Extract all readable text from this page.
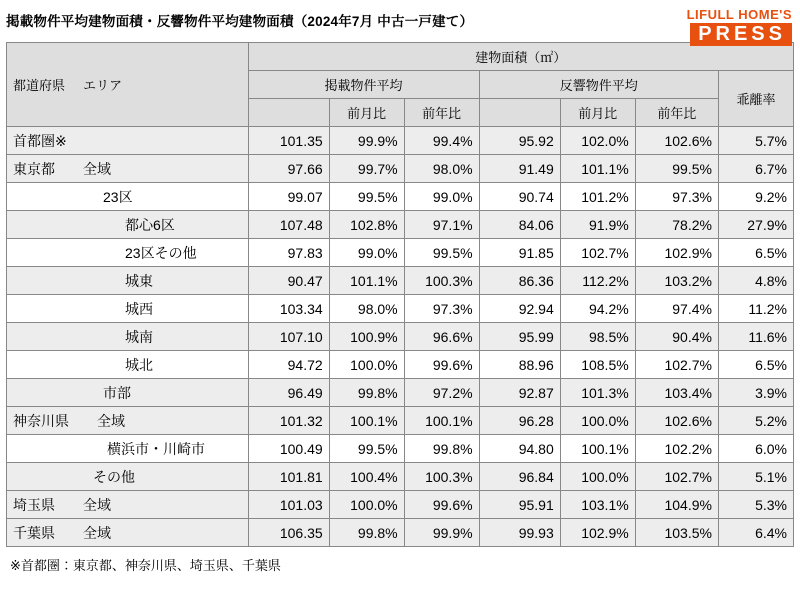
掲載物件平均建物面積・反響物件平均建物面積（2024年7月 中古一戸建て）	LIFULL HOME'S
PRESS
都道府県 エリア	建物面積（㎡）						
	掲載物件平均			反響物件平均			乖離率
		前月比	前年比		前月比	前年比	
首都圏※	101.35	99.9%	99.4%	95.92	102.0%	102.6%	5.7%
東京都 全域	97.66	99.7%	98.0%	91.49	101.1%	99.5%	6.7%
23区	99.07	99.5%	99.0%	90.74	101.2%	97.3%	9.2%
都心6区	107.48	102.8%	97.1%	84.06	91.9%	78.2%	27.9%
23区その他	97.83	99.0%	99.5%	91.85	102.7%	102.9%	6.5%
城東	90.47	101.1%	100.3%	86.36	112.2%	103.2%	4.8%
城西	103.34	98.0%	97.3%	92.94	94.2%	97.4%	11.2%
城南	107.10	100.9%	96.6%	95.99	98.5%	90.4%	11.6%
城北	94.72	100.0%	99.6%	88.96	108.5%	102.7%	6.5%
市部	96.49	99.8%	97.2%	92.87	101.3%	103.4%	3.9%
神奈川県 全域	101.32	100.1%	100.1%	96.28	100.0%	102.6%	5.2%
横浜市・川崎市	100.49	99.5%	99.8%	94.80	100.1%	102.2%	6.0%
その他	101.81	100.4%	100.3%	96.84	100.0%	102.7%	5.1%
埼玉県 全域	101.03	100.0%	99.6%	95.91	103.1%	104.9%	5.3%
千葉県 全域	106.35	99.8%	99.9%	99.93	102.9%	103.5%	6.4%
※首都圏：東京都、神奈川県、埼玉県、千葉県
